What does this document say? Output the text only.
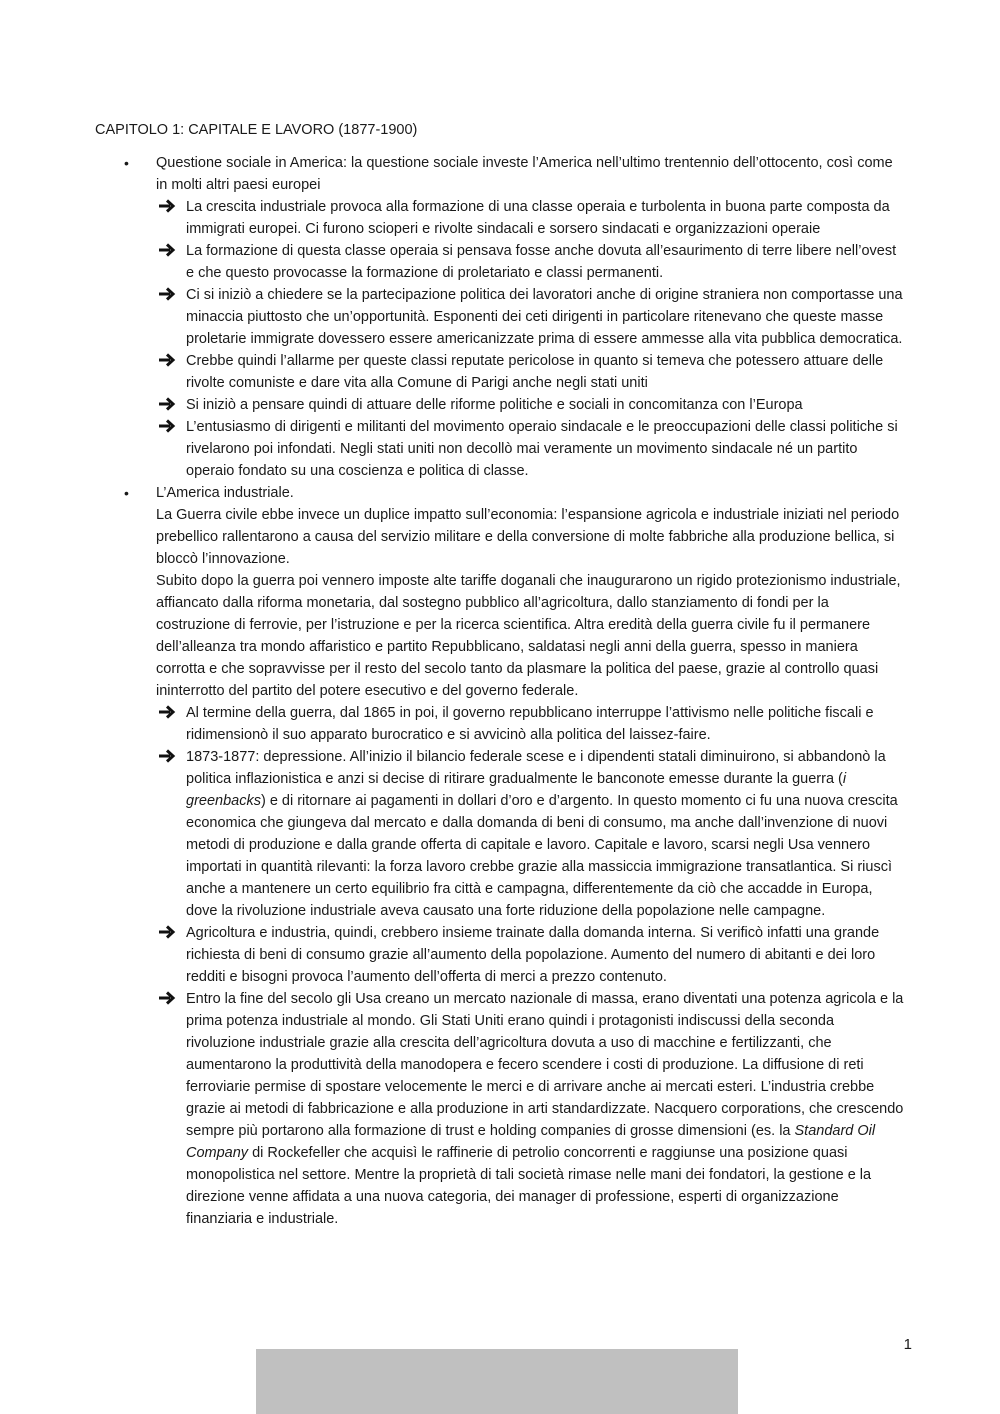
CAPITOLO 1: CAPITALE E LAVORO (1877-1900)
•	Questione sociale in America: la questione sociale investe l’America nell’ultimo trentennio dell’ottocento, così come in molti altri paesi europei
La crescita industriale provoca alla formazione di una classe operaia e turbolenta in buona parte composta da immigrati europei. Ci furono scioperi e rivolte sindacali e sorsero sindacati e organizzazioni operaie
La formazione di questa classe operaia si pensava fosse anche dovuta all’esaurimento di terre libere nell’ovest e che questo provocasse la formazione di proletariato e classi permanenti.
Ci si iniziò a chiedere se la partecipazione politica dei lavoratori anche di origine straniera non comportasse una minaccia piuttosto che un’opportunità. Esponenti dei ceti dirigenti in particolare ritenevano che queste masse proletarie immigrate dovessero essere americanizzate prima di essere ammesse alla vita pubblica democratica.
Crebbe quindi l’allarme per queste classi reputate pericolose in quanto si temeva che potessero attuare delle rivolte comuniste e dare vita alla Comune di Parigi anche negli stati uniti
Si iniziò a pensare quindi di attuare delle riforme politiche e sociali in concomitanza con l’Europa
L’entusiasmo di dirigenti e militanti del movimento operaio sindacale e le preoccupazioni delle classi politiche si rivelarono poi infondati. Negli stati uniti non decollò mai veramente un movimento sindacale né un partito operaio fondato su una coscienza e politica di classe.
•	L’America industriale.
La Guerra civile ebbe invece un duplice impatto sull’economia: l’espansione agricola e industriale iniziati nel periodo prebellico rallentarono a causa del servizio militare e della conversione di molte fabbriche alla produzione bellica, si bloccò l’innovazione.
Subito dopo la guerra poi vennero imposte alte tariffe doganali che inaugurarono un rigido protezionismo industriale, affiancato dalla riforma monetaria, dal sostegno pubblico all’agricoltura, dallo stanziamento di fondi per la costruzione di ferrovie, per l’istruzione e per la ricerca scientifica. Altra eredità della guerra civile fu il permanere dell’alleanza tra mondo affaristico e partito Repubblicano, saldatasi negli anni della guerra, spesso in maniera corrotta e che sopravvisse per il resto del secolo tanto da plasmare la politica del paese, grazie al controllo quasi ininterrotto del partito del potere esecutivo e del governo federale.
Al termine della guerra, dal 1865 in poi, il governo repubblicano interruppe l’attivismo nelle politiche fiscali e ridimensionò il suo apparato burocratico e si avvicinò alla politica del laissez-faire.
1873-1877: depressione. All’inizio il bilancio federale scese e i dipendenti statali diminuirono, si abbandonò la politica inflazionistica e anzi si decise di ritirare gradualmente le banconote emesse durante la guerra (i greenbacks) e di ritornare ai pagamenti in dollari d’oro e d’argento. In questo momento ci fu una nuova crescita economica che giungeva dal mercato e dalla domanda di beni di consumo, ma anche dall’invenzione di nuovi metodi di produzione e dalla grande offerta di capitale e lavoro. Capitale e lavoro, scarsi negli Usa vennero importati in quantità rilevanti: la forza lavoro crebbe grazie alla massiccia immigrazione transatlantica. Si riuscì anche a mantenere un certo equilibrio fra città e campagna, differentemente da ciò che accadde in Europa, dove la rivoluzione industriale aveva causato una forte riduzione della popolazione nelle campagne.
Agricoltura e industria, quindi, crebbero insieme trainate dalla domanda interna. Si verificò infatti una grande richiesta di beni di consumo grazie all’aumento della popolazione. Aumento del numero di abitanti e dei loro redditi e bisogni provoca l’aumento dell’offerta di merci a prezzo contenuto.
Entro la fine del secolo gli Usa creano un mercato nazionale di massa, erano diventati una potenza agricola e la prima potenza industriale al mondo. Gli Stati Uniti erano quindi i protagonisti indiscussi della seconda rivoluzione industriale grazie alla crescita dell’agricoltura dovuta a uso di macchine e fertilizzanti, che aumentarono la produttività della manodopera e fecero scendere i costi di produzione. La diffusione di reti ferroviarie permise di spostare velocemente le merci e di arrivare anche ai mercati esteri. L’industria crebbe grazie ai metodi di fabbricazione e alla produzione in arti standardizzate. Nacquero corporations, che crescendo sempre più portarono alla formazione di trust e holding companies di grosse dimensioni (es. la Standard Oil Company di Rockefeller che acquisì le raffinerie di petrolio concorrenti e raggiunse una posizione quasi monopolistica nel settore. Mentre la proprietà di tali società rimase nelle mani dei fondatori, la gestione e la direzione venne affidata a una nuova categoria, dei manager di professione, esperti di organizzazione finanziaria e industriale.
1
